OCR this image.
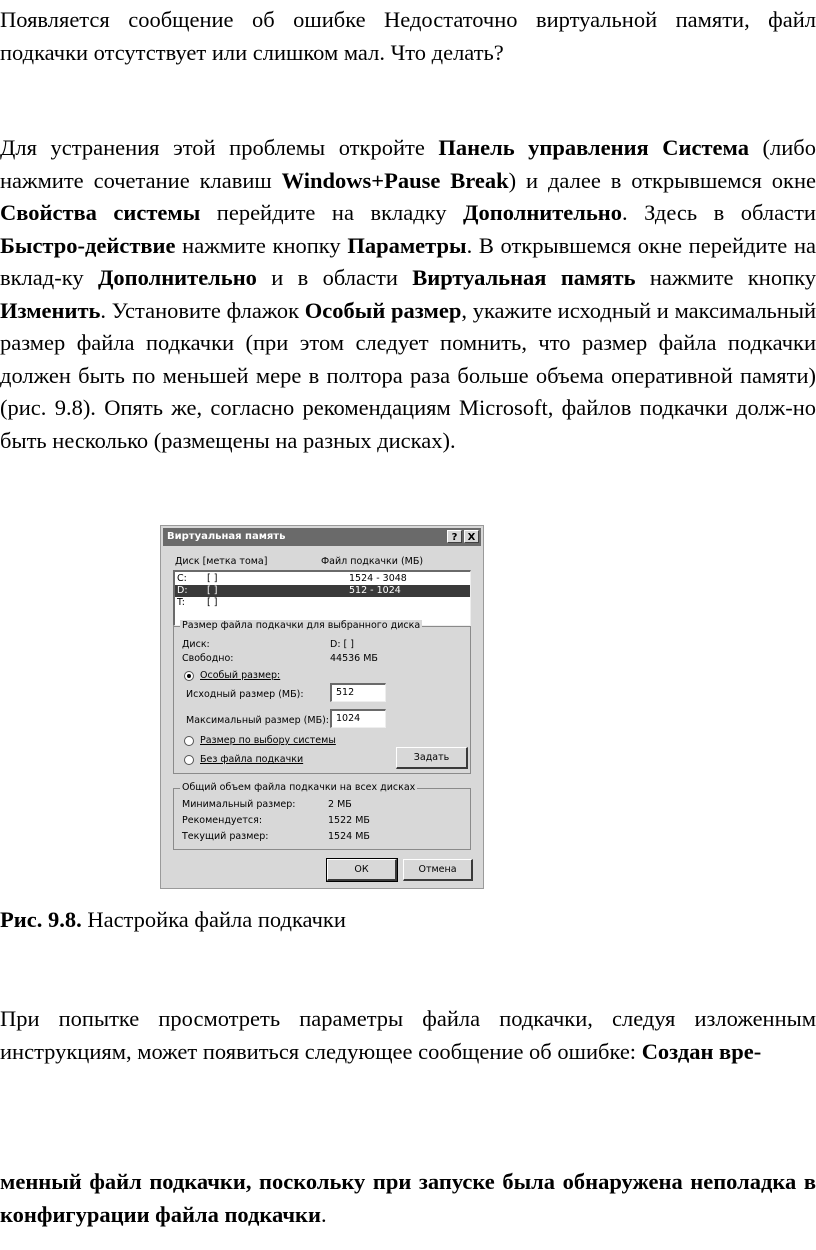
Появляется сообщение об ошибке Недостаточно виртуальной памяти, файл подкачки отсутствует или слишком мал. Что делать?

Для устранения этой проблемы откройте Панель управления Система (либо нажмите сочетание клавиш Windows+Pause Break) и далее в открывшемся окне Свойства системы перейдите на вкладку Дополнительно. Здесь в области Быстро-действие нажмите кнопку Параметры. В открывшемся окне перейдите на вклад-ку Дополнительно и в области Виртуальная память нажмите кнопку Изменить. Установите флажок Особый размер, укажите исходный и максимальный размер файла подкачки (при этом следует помнить, что размер файла подкачки должен быть по меньшей мере в полтора раза больше объема оперативной памяти) (рис. 9.8). Опять же, согласно рекомендациям Microsoft, файлов подкачки долж-но быть несколько (размещены на разных дисках).

Виртуальная память	?	X
Диск [метка тома]	Файл подкачки (МБ)
C: [ ]	1524 - 3048
D: [ ]	512 - 1024
T: [ ]
Размер файла подкачки для выбранного диска
Диск:	D: [ ]
Свободно:	44536 МБ
Особый размер:
Исходный размер (МБ):	512
Максимальный размер (МБ): 1024
Размер по выбору системы
Без файла подкачки	Задать
Общий объем файла подкачки на всех дисках
Минимальный размер:	2 МБ
Рекомендуется:	1522 МБ
Текущий размер:	1524 МБ
ОК	Отмена

Рис. 9.8. Настройка файла подкачки

При попытке просмотреть параметры файла подкачки, следуя изложенным инструкциям, может появиться следующее сообщение об ошибке: Создан вре-

менный файл подкачки, поскольку при запуске была обнаружена неполадка в конфигурации файла подкачки.
